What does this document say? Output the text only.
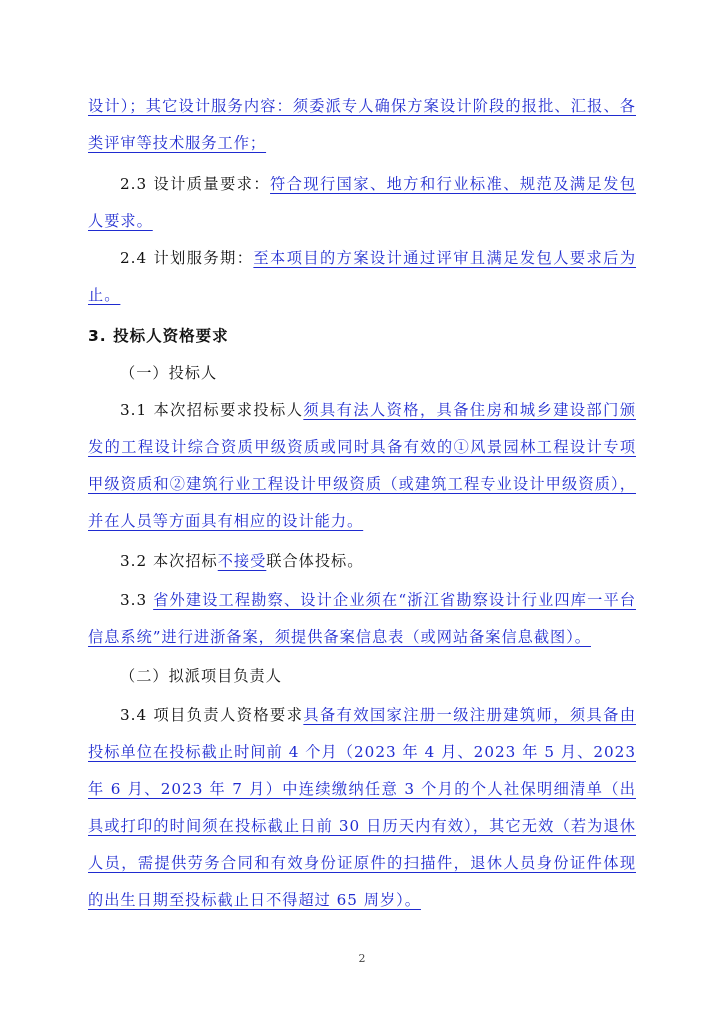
设计）；其它设计服务内容：须委派专人确保方案设计阶段的报批、汇报、各类评审等技术服务工作；

2.3 设计质量要求：符合现行国家、地方和行业标准、规范及满足发包人要求。

2.4 计划服务期：至本项目的方案设计通过评审且满足发包人要求后为止。

3. 投标人资格要求

（一）投标人

3.1 本次招标要求投标人须具有法人资格，具备住房和城乡建设部门颁发的工程设计综合资质甲级资质或同时具备有效的①风景园林工程设计专项甲级资质和②建筑行业工程设计甲级资质（或建筑工程专业设计甲级资质），并在人员等方面具有相应的设计能力。

3.2 本次招标不接受联合体投标。

3.3 省外建设工程勘察、设计企业须在“浙江省勘察设计行业四库一平台信息系统”进行进浙备案，须提供备案信息表（或网站备案信息截图）。

（二）拟派项目负责人

3.4 项目负责人资格要求具备有效国家注册一级注册建筑师，须具备由投标单位在投标截止时间前 4 个月（2023 年 4 月、2023 年 5 月、2023 年 6 月、2023 年 7 月）中连续缴纳任意 3 个月的个人社保明细清单（出具或打印的时间须在投标截止日前 30 日历天内有效），其它无效（若为退休人员，需提供劳务合同和有效身份证原件的扫描件，退休人员身份证件体现的出生日期至投标截止日不得超过 65 周岁）。

2
